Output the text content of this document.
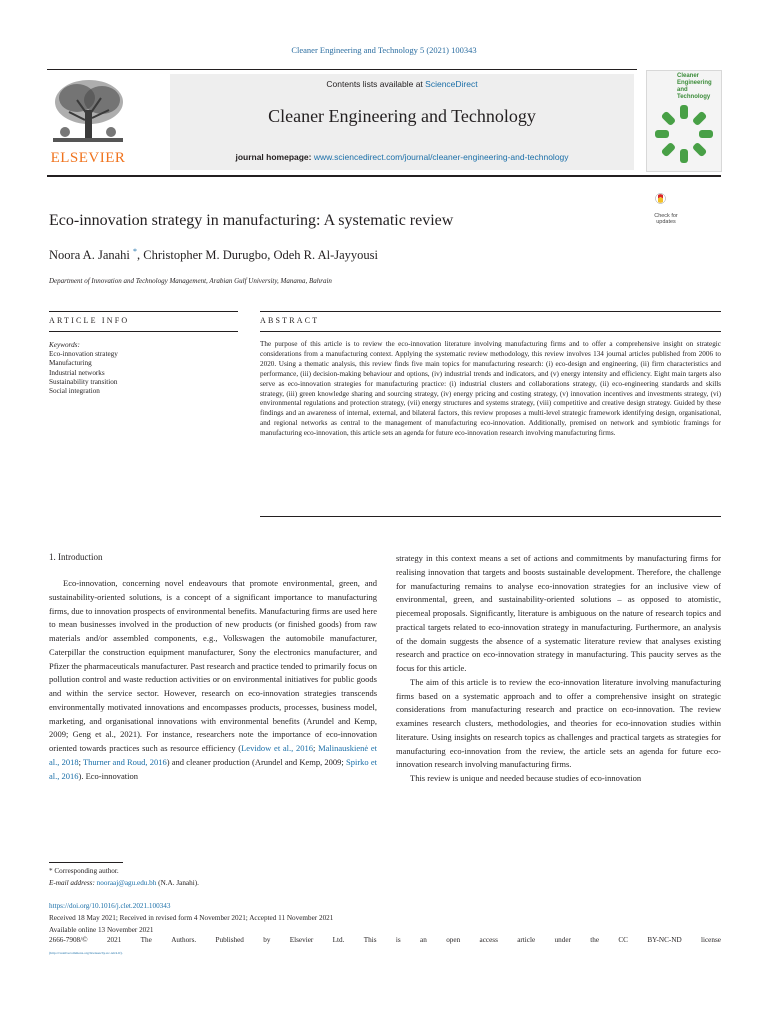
Cleaner Engineering and Technology 5 (2021) 100343
ELSEVIER
Contents lists available at ScienceDirect
Cleaner Engineering and Technology
journal homepage: www.sciencedirect.com/journal/cleaner-engineering-and-technology
Cleaner Engineering and Technology
Check for
updates
Eco-innovation strategy in manufacturing: A systematic review
Noora A. Janahi *, Christopher M. Durugbo, Odeh R. Al-Jayyousi
Department of Innovation and Technology Management, Arabian Gulf University, Manama, Bahrain
ARTICLE INFO	ABSTRACT
Keywords:
Eco-innovation strategy
Manufacturing
Industrial networks
Sustainability transition
Social integration
The purpose of this article is to review the eco-innovation literature involving manufacturing firms and to offer a comprehensive insight on strategic considerations from a manufacturing context. Applying the systematic review methodology, this review involves 134 journal articles published from 2006 to 2020. Using a thematic analysis, this review finds five main topics for manufacturing research: (i) eco-design and engineering, (ii) firm characteristics and performance, (iii) decision-making behaviour and options, (iv) industrial trends and indicators, and (v) energy intensity and efficiency. Eight main targets also serve as eco-innovation strategies for manufacturing practice: (i) industrial clusters and collaborations strategy, (ii) eco-engineering standards and skills strategy, (iii) green knowledge sharing and sourcing strategy, (iv) energy pricing and costing strategy, (v) innovation incentives and investments strategy, (vi) environmental regulations and protection strategy, (vii) energy structures and systems strategy, (viii) competitive and creative design strategy. Guided by these findings and an awareness of internal, external, and bilateral factors, this review proposes a multi-level strategic framework identifying design, organisational, and regional networks as central to the management of manufacturing eco-innovation. Additionally, premised on network and symbiotic framings for manufacturing eco-innovation, this article sets an agenda for future eco-innovation research involving manufacturing firms.
1. Introduction

Eco-innovation, concerning novel endeavours that promote environmental, green, and sustainability-oriented solutions, is a concept of a significant importance to manufacturing firms, due to innovation prospects of environmental benefits. Manufacturing firms are used here to mean businesses involved in the production of new products (or finished goods) from raw materials and/or assembled components, e.g., Volkswagen the automobile manufacturer, Caterpillar the construction equipment manufacturer, Sony the electronics manufacturer, and Pfizer the pharmaceuticals manufacturer. Past research and practice tended to primarily focus on pollution control and waste reduction activities or on environmental initiatives for public goods and within the service sector. However, research on eco-innovation strategies transcends environmentally motivated innovations and encompasses products, processes, business model, marketing, and organisational innovations with environmental benefits (Arundel and Kemp, 2009; Geng et al., 2021). For instance, researchers note the importance of eco-innovation oriented towards practices such as resource efficiency (Levidow et al., 2016; Malinauskienė et al., 2018; Thurner and Roud, 2016) and cleaner production (Arundel and Kemp, 2009; Spirko et al., 2016). Eco-innovation

strategy in this context means a set of actions and commitments by manufacturing firms for realising innovation that targets and boosts sustainable development. Therefore, the challenge for manufacturing remains to analyse eco-innovation strategies for an inclusive view of environmental, green, and sustainability-oriented solutions – as opposed to atomistic, piecemeal proposals. Significantly, literature is ambiguous on the nature of research topics and practical targets related to eco-innovation strategy in manufacturing. Furthermore, an analysis of the domain suggests the absence of a systematic literature review that analyses existing research and practice on eco-innovation strategy in manufacturing. This paucity serves as the focus for this article.

The aim of this article is to review the eco-innovation literature involving manufacturing firms based on a systematic approach and to offer a comprehensive insight on strategic considerations from manufacturing research and practice on eco-innovation. The review examines research clusters, methodologies, and theories for eco-innovation studies within literature. Using insights on research topics as challenges and practical targets as strategies for manufacturing eco-innovation from the review, the article sets an agenda for future eco-innovation research involving manufacturing firms.

This review is unique and needed because studies of eco-innovation

* Corresponding author.
E-mail address: nooraaj@agu.edu.bh (N.A. Janahi).
https://doi.org/10.1016/j.clet.2021.100343
Received 18 May 2021; Received in revised form 4 November 2021; Accepted 11 November 2021
Available online 13 November 2021
2666-7908/©	2021	The	Authors.	Published	by	Elsevier	Ltd.	This	is	an	open	access	article	under	the	CC	BY-NC-ND	license
(http://creativecommons.org/licenses/by-nc-nd/4.0/).
